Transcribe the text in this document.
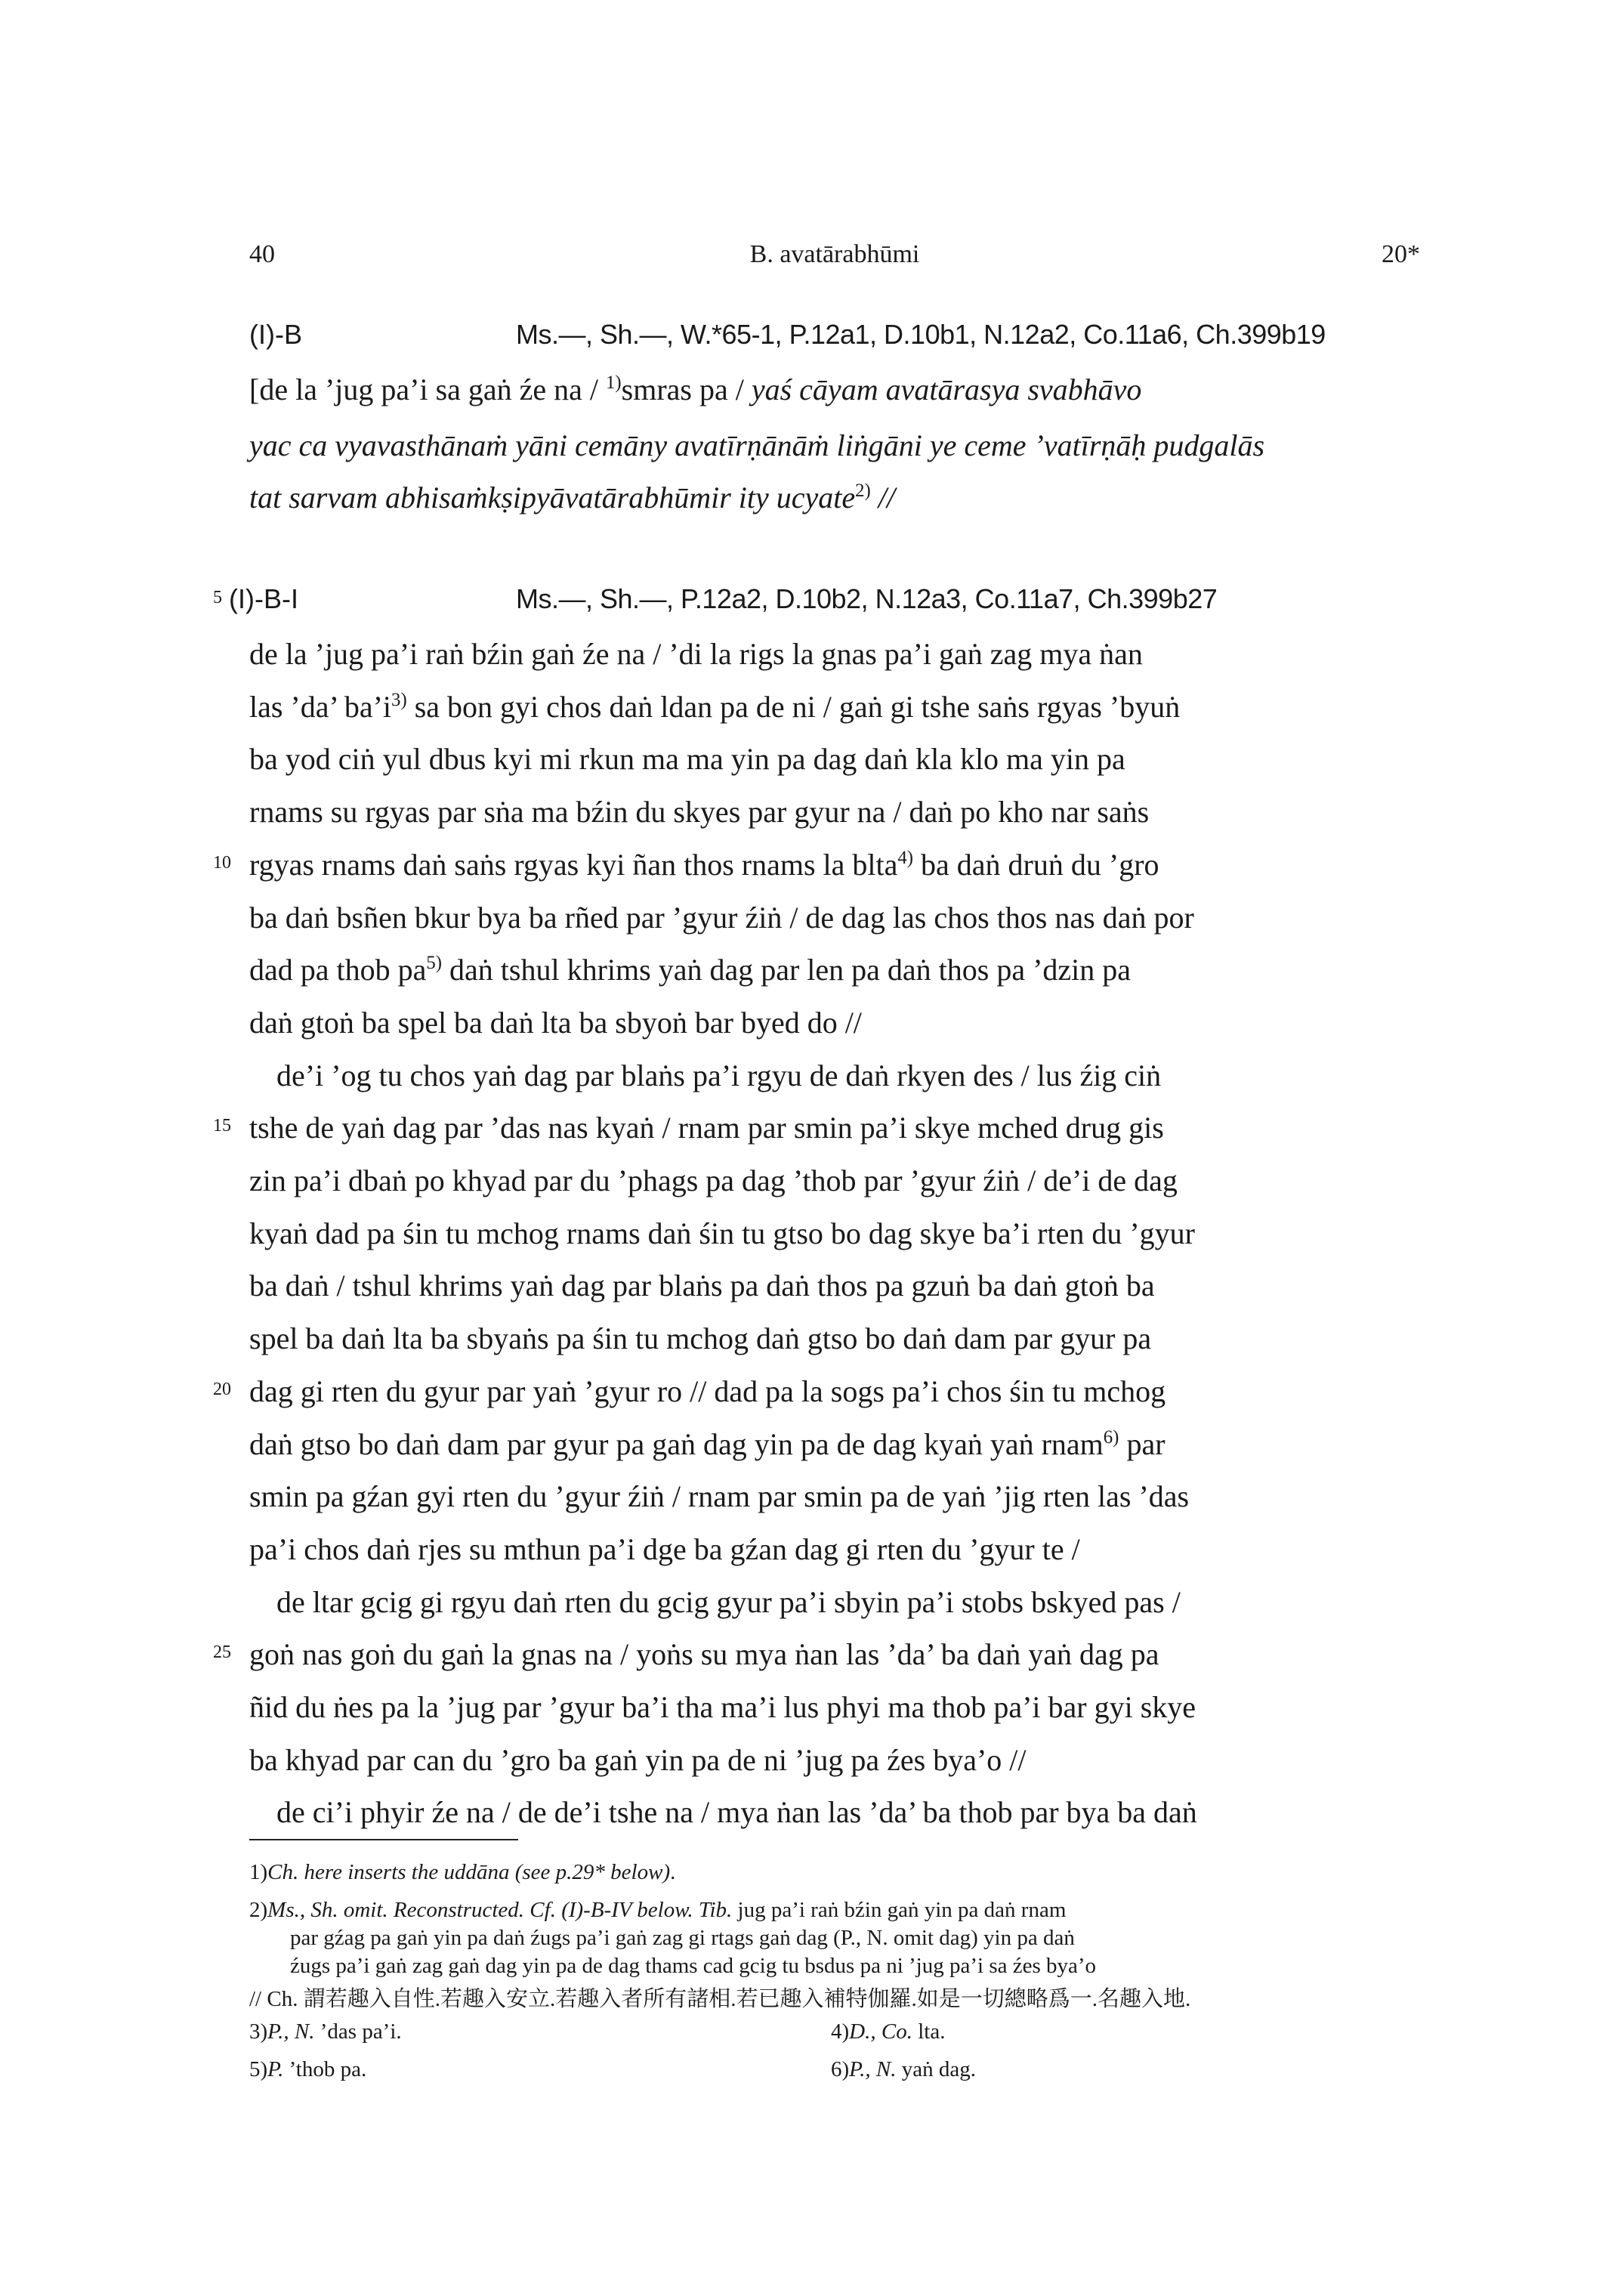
40	B. avatārabhūmi	20*
(I)-B	Ms.—, Sh.—, W.*65-1, P.12a1, D.10b1, N.12a2, Co.11a6, Ch.399b19
[de la ’jug pa’i sa gaṅ źe na / $^{1)}$smras pa / yaś cāyam avatārasya svabhāvo
yac ca vyavasthānaṁ yāni cemāny avatīrṇānāṁ liṅgāni ye ceme ’vatīrṇāḥ pudgalās
tat sarvam abhisaṁkṣipyāvatārabhūmir ity ucyate$^{2)}$ //
5 (I)-B-I	Ms.—, Sh.—, P.12a2, D.10b2, N.12a3, Co.11a7, Ch.399b27
de la ’jug pa’i raṅ bźin gaṅ źe na / ’di la rigs la gnas pa’i gaṅ zag mya ṅan
las ’da’ $ba’i^{3)}$ sa bon gyi chos daṅ ldan pa de ni / gaṅ gi tshe saṅs rgyas ’byuṅ
ba yod ciṅ yul dbus kyi mi rkun ma ma yin pa dag daṅ kla klo ma yin pa
rnams su rgyas par sṅa ma bźin du skyes par gyur na / daṅ po kho nar saṅs
rgyas rnams daṅ saṅs rgyas kyi ñan thos rnams la blta$^{4)}$ ba daṅ druṅ du ’gro
10
ba daṅ bsñen bkur bya ba rñed par ’gyur źiṅ / de dag las chos thos nas daṅ por
dad pa thob $pa^{5)}$ daṅ tshul khrims yaṅ dag par len pa daṅ thos pa ’dzin pa
daṅ gtoṅ ba spel ba daṅ lta ba sbyoṅ bar byed do //
de’i ’og tu chos yaṅ dag par blaṅs pa’i rgyu de daṅ rkyen des / lus źig ciṅ
tshe de yaṅ dag par ’das nas kyaṅ / rnam par smin pa’i skye mched drug gis
15
zin pa’i dbaṅ po khyad par du ’phags pa dag ’thob par ’gyur źiṅ / de’i de dag
kyaṅ dad pa śin tu mchog rnams daṅ śin tu gtso bo dag skye ba’i rten du ’gyur
ba daṅ / tshul khrims yaṅ dag par blaṅs pa daṅ thos pa gzuṅ ba daṅ gtoṅ ba
spel ba daṅ lta ba sbyaṅs pa śin tu mchog daṅ gtso bo daṅ dam par gyur pa
dag gi rten du gyur par yaṅ ’gyur ro // dad pa la sogs pa’i chos śin tu mchog
20
daṅ gtso bo daṅ dam par gyur pa gaṅ dag yin pa de dag kyaṅ yaṅ rnam$^{6)}$ par
smin pa gźan gyi rten du ’gyur źiṅ / rnam par smin pa de yaṅ ’jig rten las ’das
pa’i chos daṅ rjes su mthun pa’i dge ba gźan dag gi rten du ’gyur te /
de ltar gcig gi rgyu daṅ rten du gcig gyur pa’i sbyin pa’i stobs bskyed pas /
goṅ nas goṅ du gaṅ la gnas na / yoṅs su mya ṅan las ’da’ ba daṅ yaṅ dag pa
25
ñid du ṅes pa la ’jug par ’gyur ba’i tha ma’i lus phyi ma thob pa’i bar gyi skye
ba khyad par can du ’gro ba gaṅ yin pa de ni ’jug pa źes bya’o //
de ci’i phyir źe na / de de’i tshe na / mya ṅan las ’da’ ba thob par bya ba daṅ
1)Ch. here inserts the uddāna (see p.29* below).
2)Ms., Sh. omit. Reconstructed. Cf. (I)-B-IV below. Tib. jug pa’i raṅ bźin gaṅ yin pa daṅ rnam
par gźag pa gaṅ yin pa daṅ źugs pa’i gaṅ zag gi rtags gaṅ dag (P., N. omit dag) yin pa daṅ
źugs pa’i gaṅ zag gaṅ dag yin pa de dag thams cad gcig tu bsdus pa ni ’jug pa’i sa źes bya’o
// Ch. 謂若趣入自性.若趣入安立.若趣入者所有諸相.若已趣入補特伽羅.如是一切總略爲一.名趣入地.
3)P., N. ’das pa’i.	4)D., Co. lta.
5)P. ’thob pa.	6)P., N. yaṅ dag.
